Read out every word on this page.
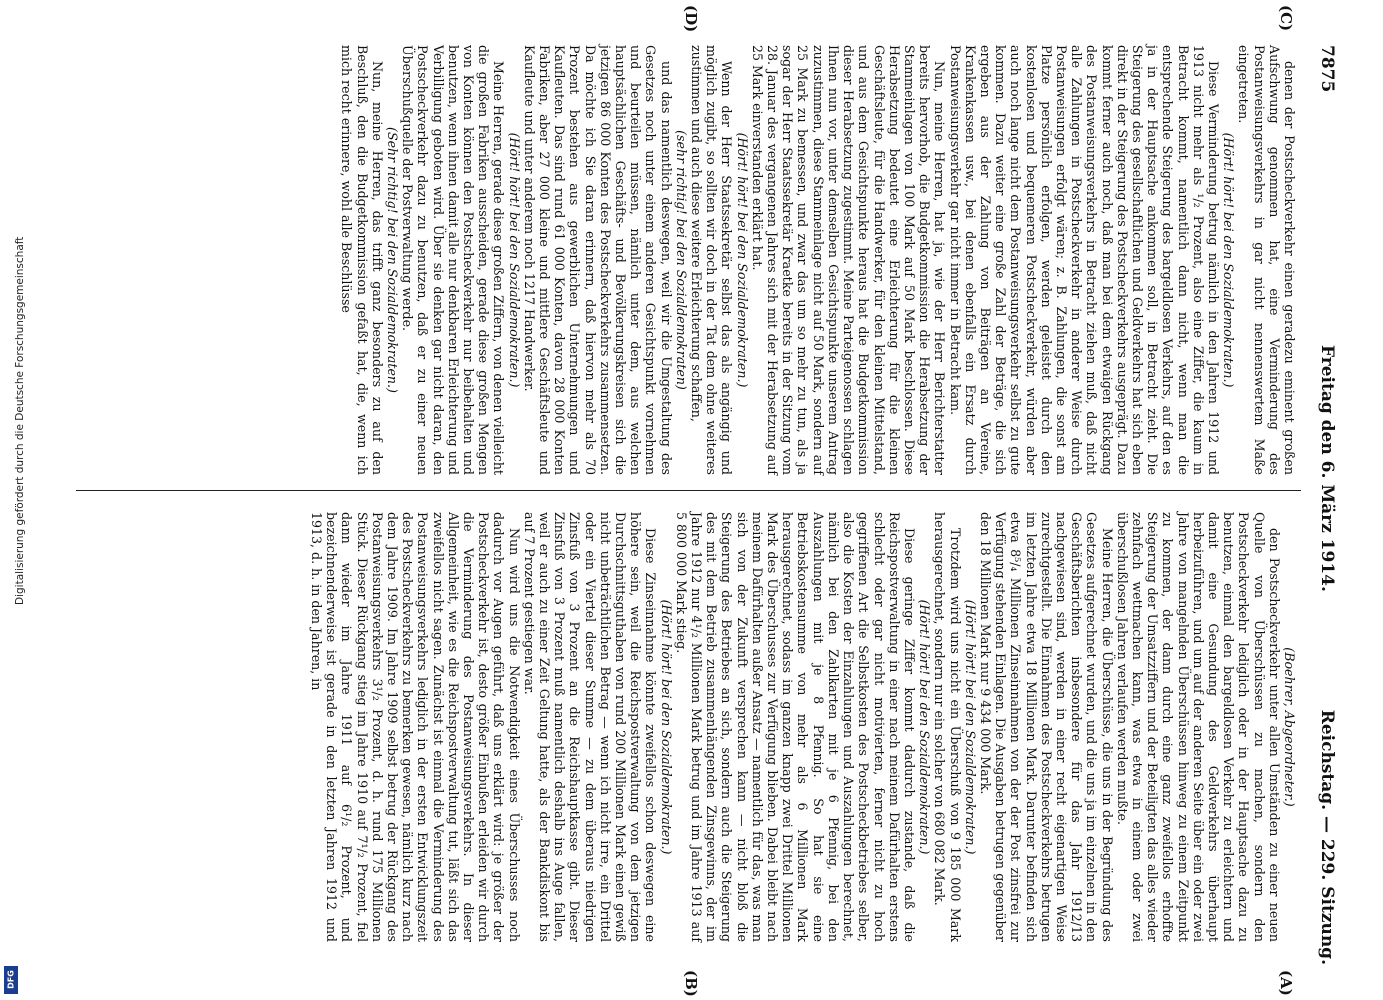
7875
Freitag den 6. März 1914.
Reichstag. — 229. Sitzung.

denen der Postscheckverkehr einen geradezu eminent großen Aufschwung genommen hat, eine Verminderung des Postanweisungsverkehrs in gar nicht nennenswertem Maße eingetreten.

(Hört! hört! bei den Sozialdemokraten.)

Diese Verminderung betrug nämlich in den Jahren 1912 und 1913 nicht mehr als ¹/₂ Prozent, also eine Ziffer, die kaum in Betracht kommt, namentlich dann nicht, wenn man die entsprechende Steigerung des bargeldlosen Verkehrs, auf den es ja in der Hauptsache ankommen soll, in Betracht zieht. Die Steigerung des gesellschaftlichen und Geldverkehrs hat sich eben direkt in der Steigerung des Postscheckverkehrs ausgeprägt. Dazu kommt ferner auch noch, daß man bei dem etwaigen Rückgang des Postanweisungsverkehrs in Betracht ziehen muß, daß nicht alle Zahlungen in Postscheckverkehr in anderer Weise durch Postanweisungen erfolgt wären; z. B. Zahlungen, die sonst am Platze persönlich erfolgen, werden geleistet durch den kostenlosen und bequemeren Postscheckverkehr, würden aber auch noch lange nicht dem Postanweisungsverkehr selbst zu gute kommen. Dazu weiter eine große Zahl der Beträge, die sich ergeben aus der Zahlung von Beiträgen an Vereine, Krankenkassen usw., bei denen ebenfalls ein Ersatz durch Postanweisungsverkehr gar nicht immer in Betracht kam.

Nun, meine Herren, hat ja, wie der Herr Berichterstatter bereits hervorhob, die Budgetkommission die Herabsetzung der Stammeinlagen von 100 Mark auf 50 Mark beschlossen. Diese Herabsetzung bedeutet eine Erleichterung für die kleinen Geschäftsleute, für die Handwerker, für den kleinen Mittelstand, und aus dem Gesichtspunkte heraus hat die Budgetkommission dieser Herabsetzung zugestimmt. Meine Parteigenossen schlagen Ihnen nun vor, unter demselben Gesichtspunkte unserem Antrag zuzustimmen, diese Stammeinlage nicht auf 50 Mark, sondern auf 25 Mark zu bemessen, und zwar das um so mehr zu tun, als ja sogar der Herr Staatssekretär Kraetke bereits in der Sitzung vom 28. Januar des vergangenen Jahres sich mit der Herabsetzung auf 25 Mark einverstanden erklärt hat.

(Hört! hört! bei den Sozialdemokraten.)

Wenn der Herr Staatssekretär selbst das als angängig und möglich zugibt, so sollten wir doch in der Tat dem ohne weiteres zustimmen und auch diese weitere Erleichterung schaffen,

(sehr richtig! bei den Sozialdemokraten)

und das namentlich deswegen, weil wir die Umgestaltung des Gesetzes noch unter einem anderen Gesichtspunkt vornehmen und beurteilen müssen, nämlich unter dem, aus welchen hauptsächlichen Geschäfts- und Bevölkerungskreisen sich die jetzigen 86 000 Konten des Postscheckverkehrs zusammensetzen. Da möchte ich Sie daran erinnern, daß hiervon mehr als 70 Prozent bestehen aus gewerblichen Unternehmungen und Kaufleuten. Das sind rund 61 000 Konten, davon 28 000 Konten Fabriken, aber 27 000 kleine und mittlere Geschäftsleute und Kaufleute und unter anderem noch 1217 Handwerker.

(Hört! hört! bei den Sozialdemokraten.)

Meine Herren, gerade diese großen Ziffern, von denen vielleicht die großen Fabriken ausscheiden, gerade diese großen Mengen von Konten können den Postscheckverkehr nur beibehalten und benutzen, wenn ihnen damit alle nur denkbaren Erleichterung und Verbilligung geboten wird. Über sie denken gar nicht daran, den Postscheckverkehr dazu zu benutzen, daß er zu einer neuen Überschußquelle der Postverwaltung werde.

(Sehr richtig! bei den Sozialdemokraten.)

Nun, meine Herren, das trifft ganz besonders zu auf den Beschluß, den die Budgetkommission gefaßt hat, die, wenn ich mich recht erinnere, wohl alle Beschlüsse

(Boehrer, Abgeordneter.)

den Postscheckverkehr unter allen Umständen zu einer neuen Quelle von Überschüssen zu machen, sondern den Postscheckverkehr lediglich oder in der Hauptsache dazu zu benutzen, einmal den bargeldlosen Verkehr zu erleichtern und damit eine Gesundung des Geldverkehrs überhaupt herbeizuführen, und um auf der anderen Seite über ein oder zwei Jahre von mangelnden Überschüssen hinweg zu einem Zeitpunkt zu kommen, der dann durch eine ganz zweifellos erhoffte Steigerung der Umsatzziffern und der Beteiligten das alles wieder zehnfach wettmachen kann, was etwa in einem oder zwei überschußlosen Jahren verlaufen werden mußte.

Meine Herren, die Überschüsse, die uns in der Begründung des Gesetzes aufgerechnet wurden, und die uns ja im einzelnen in den Geschäftsberichten insbesondere für das Jahr 1912/13 nachgewiesen sind, werden in einer recht eigenartigen Weise zurechtgestellt. Die Einnahmen des Postscheckverkehrs betrugen im letzten Jahre etwa 18 Millionen Mark. Darunter befinden sich etwa 8⁵/₄ Millionen Zinseinnahmen von der der Post zinsfrei zur Verfügung stehenden Einlagen. Die Ausgaben betrugen gegenüber den 18 Millionen Mark nur 9 434 000 Mark.

(Hört! hört! bei den Sozialdemokraten.)

Trotzdem wird uns nicht ein Überschuß von 9 185 000 Mark herausgerechnet, sondern nur ein solcher von 680 082 Mark.

(Hört! hört! bei den Sozialdemokraten.)

Diese geringe Ziffer kommt dadurch zustande, daß die Reichspostverwaltung in einer nach meinem Dafürhalten erstens schlecht oder gar nicht motivierten, ferner nicht zu hoch gegriffenen Art die Selbstkosten des Postscheckbetriebes selber, also die Kosten der Einzahlungen und Auszahlungen berechnet, nämlich bei den Zahlkarten mit je 6 Pfennig, bei den Auszahlungen mit je 8 Pfennig. So hat sie eine Betriebskostensumme von mehr als 6 Millionen Mark herausgerechnet, sodass im ganzen knapp zwei Drittel Millionen Mark des Überschusses zur Verfügung blieben. Dabei bleibt nach meinem Dafürhalten außer Ansatz — namentlich für das, was man sich von der Zukunft versprechen kann — nicht bloß die Steigerung des Betriebes an sich, sondern auch die Steigerung des mit dem Betrieb zusammenhängenden Zinsgewinns, der im Jahre 1912 nur 4¹/₂ Millionen Mark betrug und im Jahre 1913 auf 5 800 000 Mark stieg.

(Hört! hört! bei den Sozialdemokraten.)

Diese Zinseinnahme könnte zweifellos schon deswegen eine höhere sein, weil die Reichspostverwaltung von dem jetzigen Durchschnittsguthaben von rund 200 Millionen Mark einen gewiß nicht unbeträchtlichen Betrag — wenn ich nicht irre, ein Drittel oder ein Viertel dieser Summe — zu dem überaus niedrigen Zinsfuß von 3 Prozent an die Reichshauptkasse gibt. Dieser Zinsfuß von 3 Prozent muß namentlich deshalb ins Auge fallen, weil er auch zu einer Zeit Geltung hatte, als der Bankdiskont bis auf 7 Prozent gestiegen war.

Nun wird uns die Notwendigkeit eines Überschusses noch dadurch vor Augen geführt, daß uns erklärt wird: je größer der Postscheckverkehr ist, desto größer Einbußen erleiden wir durch die Verminderung des Postanweisungsverkehrs. In dieser Allgemeinheit, wie es die Reichspostverwaltung tut, läßt sich das zweifellos nicht sagen. Zunächst ist einmal die Verminderung des Postanweisungsverkehrs lediglich in der ersten Entwicklungszeit des Postscheckverkehrs zu bemerken gewesen, nämlich kurz nach dem Jahre 1909. Im Jahre 1909 selbst betrug der Rückgang des Postanweisungsverkehrs 3¹/₂ Prozent, d. h. rund 175 Millionen Stück. Dieser Rückgang stieg im Jahre 1910 auf 7¹/₂ Prozent, fiel dann wieder im Jahre 1911 auf 6¹/₂ Prozent, und bezeichnenderweise ist gerade in den letzten Jahren 1912 und 1913, d. h. in den Jahren, in

(A)
(B)
(C)
(D)
Digitalisierung gefördert durch die Deutsche Forschungsgemeinschaft
DFG
